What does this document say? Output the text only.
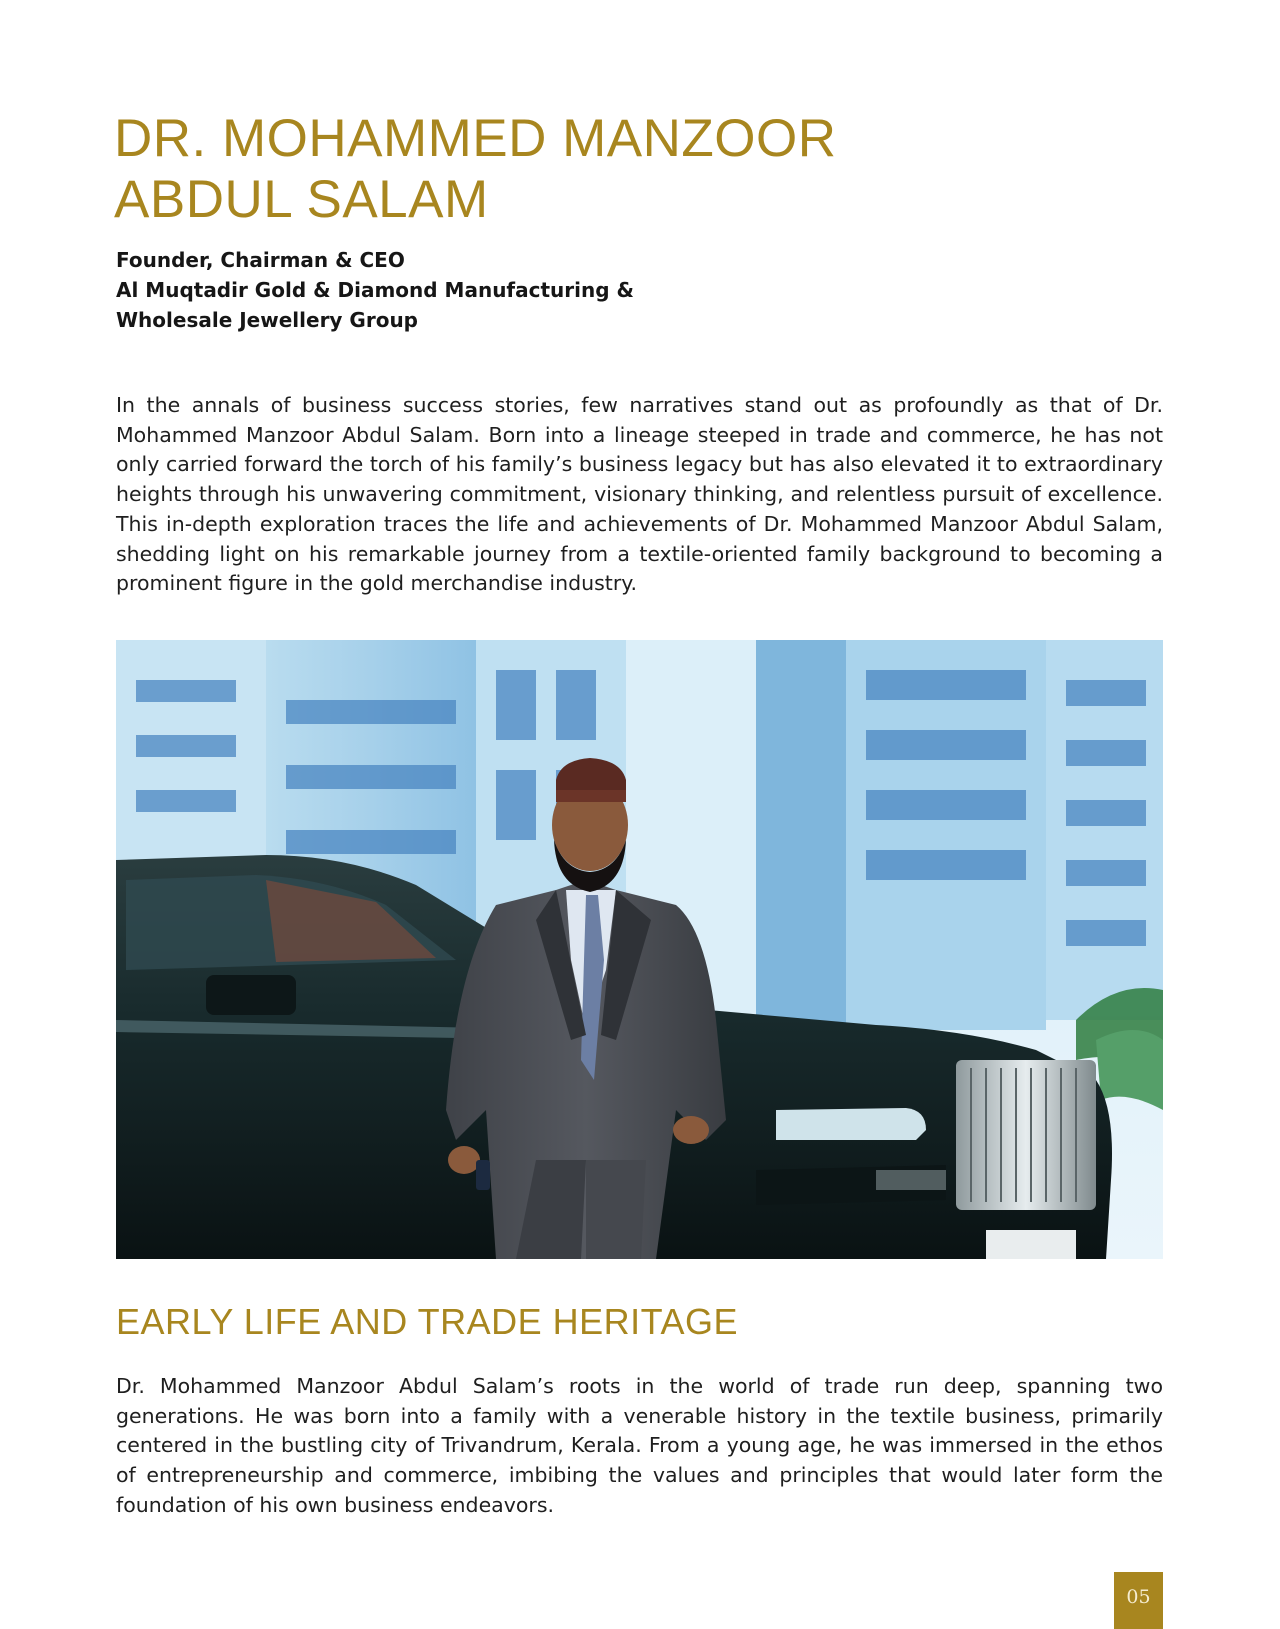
DR. MOHAMMED MANZOOR
ABDUL SALAM
Founder, Chairman & CEO
Al Muqtadir Gold & Diamond Manufacturing &
Wholesale Jewellery Group

In the annals of business success stories, few narratives stand out as profoundly as that of Dr. Mohammed Manzoor Abdul Salam. Born into a lineage steeped in trade and commerce, he has not only carried forward the torch of his family’s business legacy but has also elevated it to extraordinary heights through his unwavering commitment, visionary thinking, and relentless pursuit of excellence. This in-depth exploration traces the life and achievements of Dr. Mohammed Manzoor Abdul Salam, shedding light on his remarkable journey from a textile-oriented family background to becoming a prominent figure in the gold merchandise industry.

EARLY LIFE AND TRADE HERITAGE

Dr. Mohammed Manzoor Abdul Salam’s roots in the world of trade run deep, spanning two generations. He was born into a family with a venerable history in the textile business, primarily centered in the bustling city of Trivandrum, Kerala. From a young age, he was immersed in the ethos of entrepreneurship and commerce, imbibing the values and principles that would later form the foundation of his own business endeavors.

05
